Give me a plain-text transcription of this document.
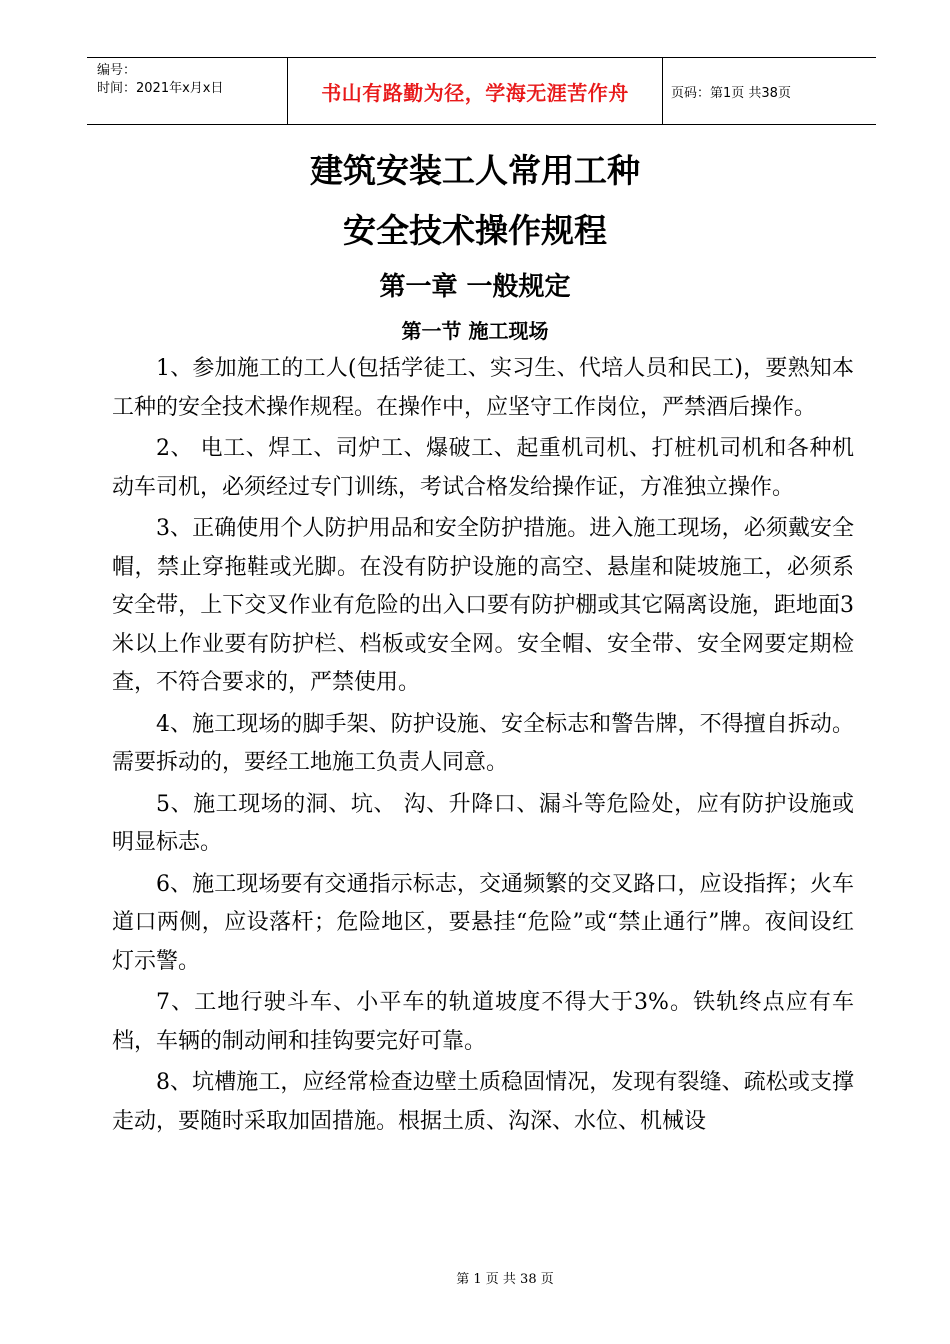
编号：
时间：2021年x月x日	书山有路勤为径，学海无涯苦作舟	页码：第1页 共38页
建筑安装工人常用工种
安全技术操作规程
第一章 一般规定
第一节 施工现场

1、参加施工的工人(包括学徒工、实习生、代培人员和民工)，要熟知本工种的安全技术操作规程。在操作中，应坚守工作岗位，严禁酒后操作。

2、 电工、焊工、司炉工、爆破工、起重机司机、打桩机司机和各种机动车司机，必须经过专门训练，考试合格发给操作证，方准独立操作。

3、正确使用个人防护用品和安全防护措施。进入施工现场，必须戴安全帽，禁止穿拖鞋或光脚。在没有防护设施的高空、悬崖和陡坡施工，必须系安全带，上下交叉作业有危险的出入口要有防护棚或其它隔离设施，距地面3米以上作业要有防护栏、档板或安全网。安全帽、安全带、安全网要定期检查，不符合要求的，严禁使用。

4、施工现场的脚手架、防护设施、安全标志和警告牌，不得擅自拆动。需要拆动的，要经工地施工负责人同意。

5、施工现场的洞、坑、 沟、升降口、漏斗等危险处，应有防护设施或明显标志。

6、施工现场要有交通指示标志，交通频繁的交叉路口，应设指挥；火车道口两侧，应设落杆；危险地区，要悬挂“危险”或“禁止通行”牌。夜间设红灯示警。

7、工地行驶斗车、小平车的轨道坡度不得大于3%。铁轨终点应有车档，车辆的制动闸和挂钩要完好可靠。

8、坑槽施工，应经常检查边壁土质稳固情况，发现有裂缝、疏松或支撑走动，要随时采取加固措施。根据土质、沟深、水位、机械设

第 1 页 共 38 页
